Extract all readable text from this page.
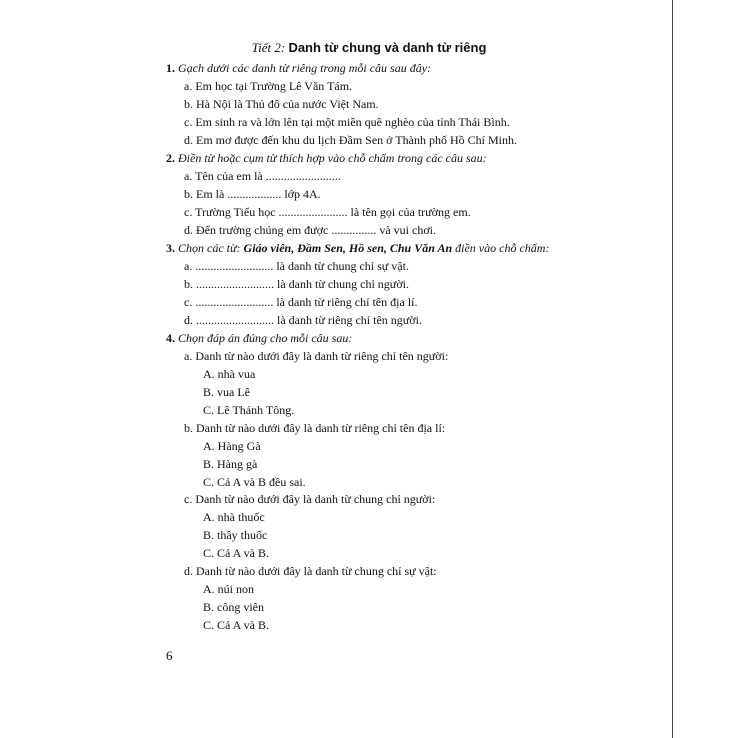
Tiết 2: Danh từ chung và danh từ riêng
1. Gạch dưới các danh từ riêng trong mỗi câu sau đây:
a. Em học tại Trường Lê Văn Tám.
b. Hà Nội là Thủ đô của nước Việt Nam.
c. Em sinh ra và lớn lên tại một miền quê nghèo của tỉnh Thái Bình.
d. Em mơ được đến khu du lịch Đầm Sen ở Thành phố Hồ Chí Minh.
2. Điền từ hoặc cụm từ thích hợp vào chỗ chấm trong các câu sau:
a. Tên của em là .........................
b. Em là .................. lớp 4A.
c. Trường Tiểu học ....................... là tên gọi của trường em.
d. Đến trường chúng em được ............... và vui chơi.
3. Chọn các từ: Giáo viên, Đầm Sen, Hồ sen, Chu Văn An điền vào chỗ chấm:
a. .......................... là danh từ chung chỉ sự vật.
b. .......................... là danh từ chung chỉ người.
c. .......................... là danh từ riêng chỉ tên địa lí.
d. .......................... là danh từ riêng chỉ tên người.
4. Chọn đáp án đúng cho mỗi câu sau:
a. Danh từ nào dưới đây là danh từ riêng chỉ tên người:
A. nhà vua
B. vua Lê
C. Lê Thánh Tông.
b. Danh từ nào dưới đây là danh từ riêng chỉ tên địa lí:
A. Hàng Gà
B. Hàng gà
C. Cả A và B đều sai.
c. Danh từ nào dưới đây là danh từ chung chỉ người:
A. nhà thuốc
B. thầy thuốc
C. Cả A và B.
d. Danh từ nào dưới đây là danh từ chung chỉ sự vật:
A. núi non
B. công viên
C. Cả A và B.
6
